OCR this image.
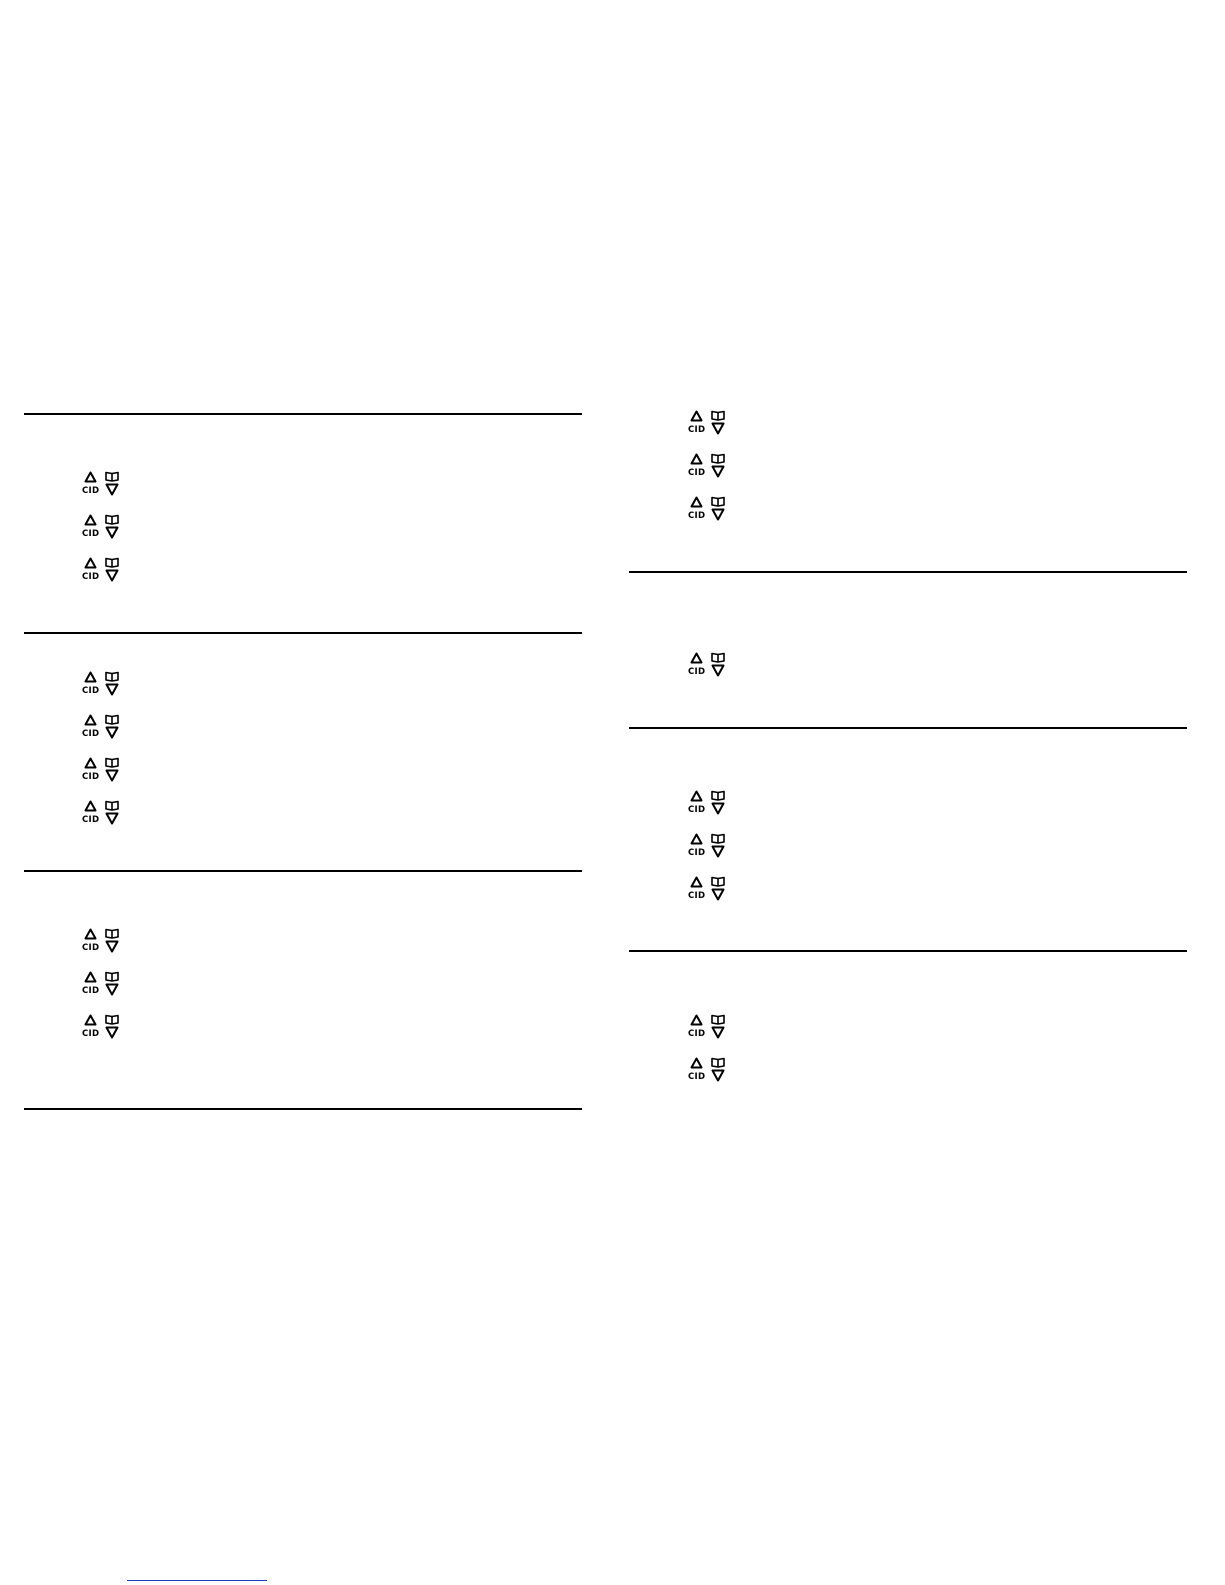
CID
CID
CID
CID
CID
CID
CID
CID
CID
CID
CID
CID
CID
CID
CID
CID
CID
CID
CID
